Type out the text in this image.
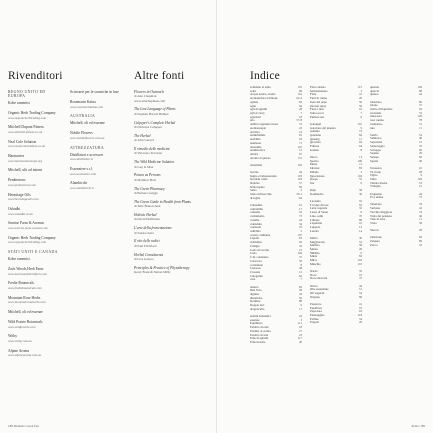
Rivenditori
REGNO UNITO ED EUROPA
Kobe ramentsi
Organic Herb Trading Company
www.organicherbtrading.com
Mitchell Dupont Fitness
www.mitchell-fitness.co.uk
Neal Cole Solution
www.nealscolesolution.co.uk
Harmonies
www.harmonieseurope.org
Mitchell, ulti ad interni
Pembertons
www.pembertons.com
Hermitage Oils
www.hermitageoils.com
Oshadhi
www.oshadhi.co.uk
Sunrise Farm & Aromas
www.sunrise-farm-aromas.com
Organic Herb Trading Company
www.organicherbtrading.com
STATI UNITI E CANADA
Kobe ramentsi
Zach Woods Herb Farm
www.zachwoodsherbfarm.com
Fredie Botanicals
www.frediebotanicals.com
Mountain Rose Herbs
www.mountainroseherbs.com
Mitchell, oli ed essenze
Wild Prairie Botanicals
www.wildprairie.com
Withy
www.withy.com.au
Alpine Aroma
www.alpinearoma.com.au
Sciricarie per le scomiche in fase
Rosemarin Kaina
www.rosemarinkaina.com
AUSTRALIA
Mitchell, oli ed essenze
Nobile Flowers
www.nobileflowers.com.au
ATTREZZATURA
Distillatori e accessori
www.distillatori.it
Essenziere s.r.l.
www.essenziere.com
Alambicchi
www.alambicchi.it
Altre fonti
Flowers in Outreach
di Ann Chapman
www.annchapman.com
The Lost Language of Plants
di Stephen Harrod Buhner
Culpeper's Complete Herbal
di Nicholas Culpeper
The Herbal
di John Gerard
Il rimedio delle medicine
di Vincenzo Trevisan
The Wild Medicine Solution
di Guy le Mon
Poison as Persons
di Matthew Hall
The Green Pharmacy
di Barbara Griggs
The Green Guide to Health from Plants
di Julie Bruton-Seal
Holistic Herbal
di David Hoffmann
L'arte della fermentazione
di Sandor Katz
Il rito delle radici
di Paul Pitchford
Herbal Constituents
di Lisa Ganora
Principles & Practice of Phytotherapy
Kerry Bone & Simon Mills
188 Manuale Green Pen
Indice
acidulato al sidro	125
acini	96
Acqua tonica, aroma	116
aromatizzata al limone	62-4
agliata	83
aglio	94
agli di agrumi	28
agli al curry	7
agnolotti	18
aria	57-8
Ambra vegetale/cerosa	31
aromaterapia	43
Acidiva	19
antiinfiamm.	81
antichità	93
anemone	71
Anonima	110
antimicotica	51
Arnica	97
Aroma al quarzo	131
Artemisia	102
bacche	44
bagno e balneoterapia	103
bevanda calda	118
bianche	57
biancospino	82
Salsa	3
Salsa di finocchio	20-1
di foglia	64
Calendula	16
camomilla	17
cannella	32
cardamomo	73
castello	44
calendula	34
catenaria	70
celtidina	5
cerotto calmante	107
Cipolla	93
cistifellea	62
Ciliegio	32
Coda di cavallo	21
Coda	104
C.D. contenuto	37
Corteccia	50
coriandolo	8
Cretaceo	38
Crostate	12
Cutogoma	62
cure	7
dattero	82
Diet Tolo	58
digiuno	43
diuretiche	56
Dormire	88
Doppie faci	9
dragoncello	17
enzimi balsamici	22
essenze	3
Equilibrio	111
Estratto di erbe	18
Enzimi, si crema	27
Estratto di sale	23
Erbe di agrumi	117
Erbe fresche	40
Felce andrea	115
fermentazione	3
Fiala	41
Fiori di canne	20
fiore del pepe	56
flacone spray	59
Fiori e fiori	10
frutta secca	7
Fumare uso	6
Galangal	110
Garofano dal pianeta	9
Gemma	73
genziana	84
ginseng	11
glicerina	94
Fritture	64
Guaina	8
Ibisco	13
Iperico	106
Infusi	11
Idratare	83
Imbuto	3
Ippocastano	104
Issopo	55
Iris	6
Kelp	58
Kombucha	36
Lavanda	55
L'acqua di rose	62
Latte vegetale	33
Lauro di Santo	9
Lino, semi	70
Limone	89
Liquirizia	16
Luppolo	12
Lievito	14
Malva	30
Maggiorana	53
Melissa	58
Menta	26
Mirtillo	6
Miele	82
Mirra	118
Muschio	110
Nardo	35
Noce	16
Noce moscata	37
Ortica	44
Olio essenziale	51
Oli vegetali	54
Origano	89
Papavero	41
Passiflora	10
Pepe nero	63
Piantaggine	118
Polline	54
Propoli	20
quassia	109
quercia	98
quinoa	44
rabarbaro	86
rafano	57
radice di liquirizia	93
ravanello	52
ribes nero	120
rosa canina	78
rosmarino	31
ruta	11
Salvia	54
Sambuco	48
Saponaria	12
Santoreggia	53
Sciroppo	66
Sedano	29
Senape	82
Spezie	40
Tarassaco	16
Tè verde	28
Tiglio	9
Timo	104
Tintura madre	53
Trifoglio	21
Unguento	44
Uva ursina	72
Valeriana	33
Verbena	42
Vecchio maggiore	74
Viola del pensiero	46
Vino di erbe	11
Viola	58
Yarrow	28
Zafferano	84
Zenzero	89
Zucca	52
Indice 189
